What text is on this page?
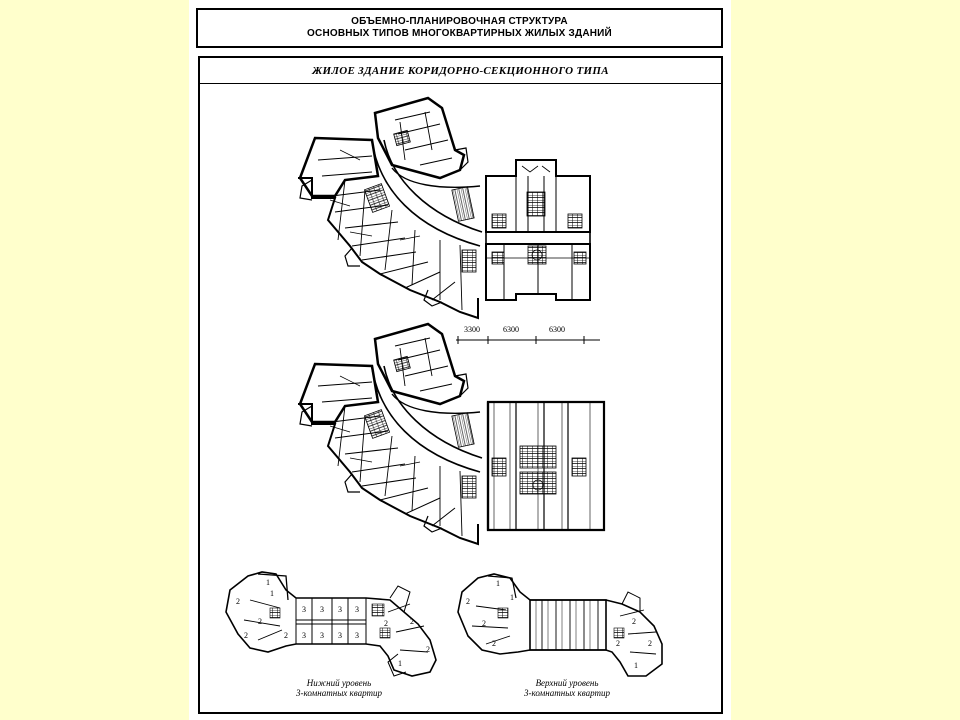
ОБЪЕМНО-ПЛАНИРОВОЧНАЯ СТРУКТУРА
ОСНОВНЫХ ТИПОВ МНОГОКВАРТИРНЫХ ЖИЛЫХ ЗДАНИЙ
ЖИЛОЕ ЗДАНИЕ КОРИДОРНО-СЕКЦИОННОГО ТИПА
3300	6300	6300
1
2
2
2
1
3 3 3 3
3 3 3 3
2
2
2
1
2
1
2
2
2
1
2
2
1
2
Нижний уровень
3-комнатных квартир
Верхний уровень
3-комнатных квартир
